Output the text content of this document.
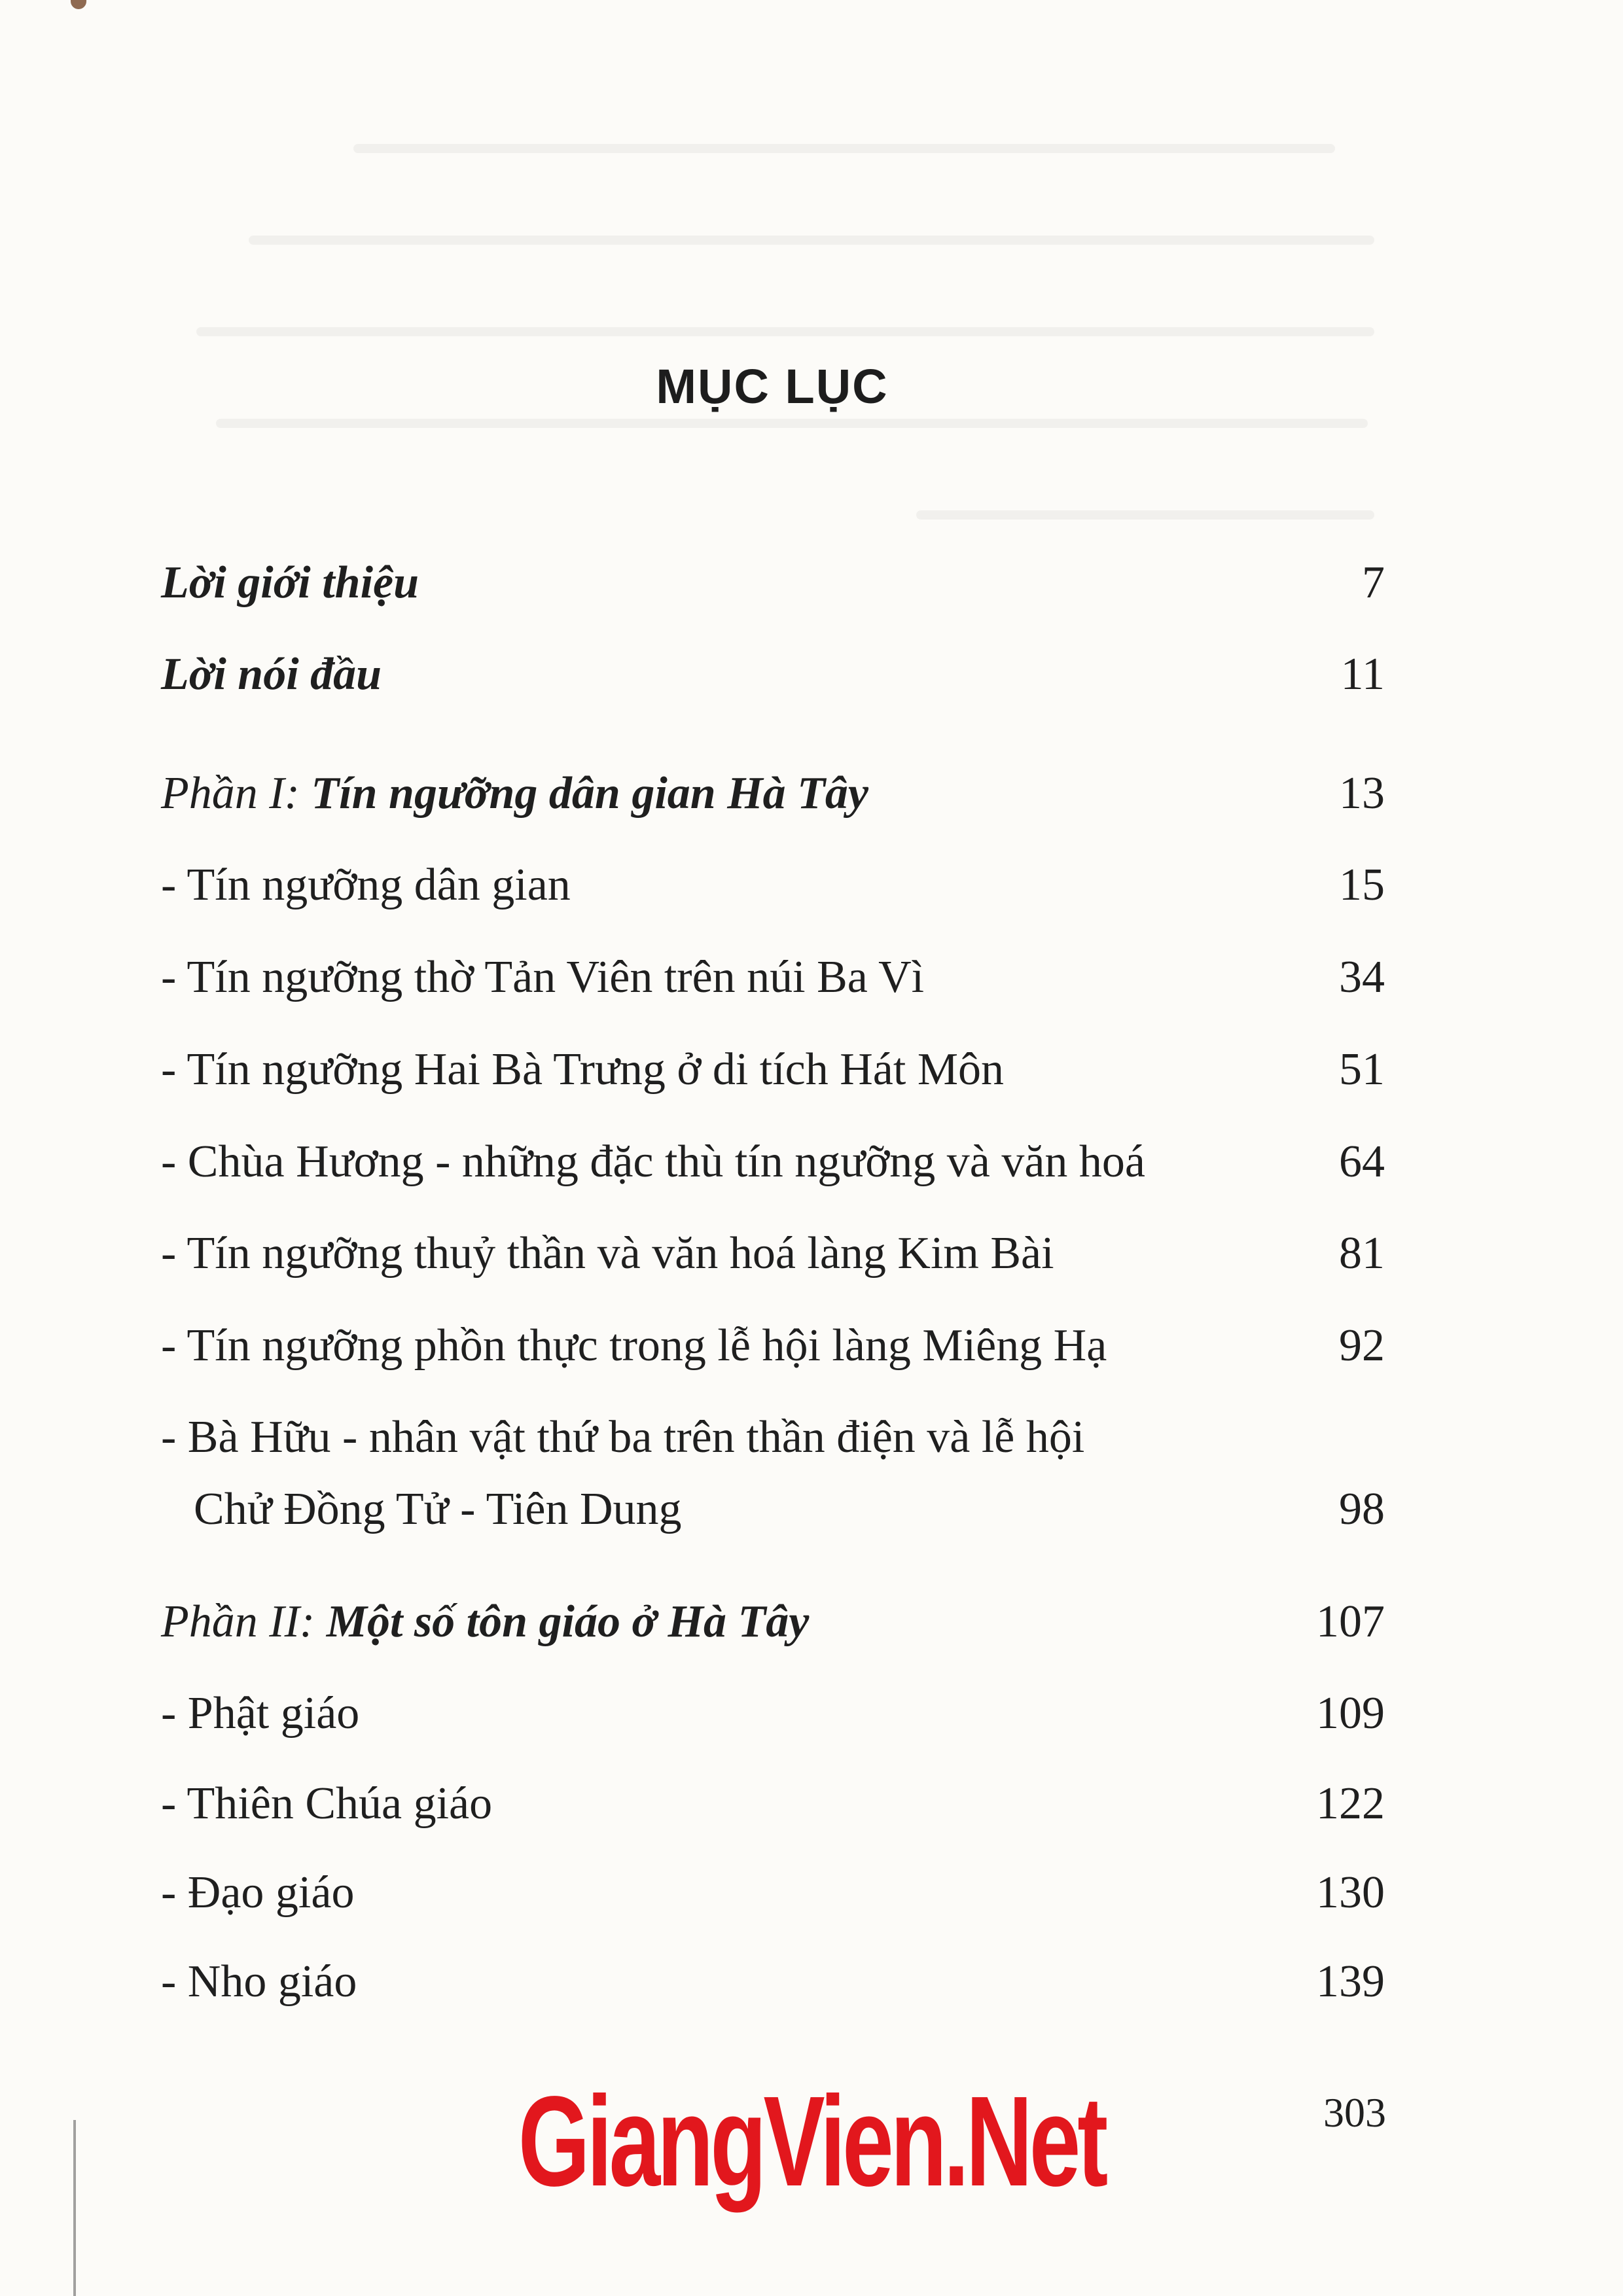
MỤC LỤC
Lời giới thiệu	7
Lời nói đầu	11
Phần I: Tín ngưỡng dân gian Hà Tây	13
- Tín ngưỡng dân gian	15
- Tín ngưỡng thờ Tản Viên trên núi Ba Vì	34
- Tín ngưỡng Hai Bà Trưng ở di tích Hát Môn	51
- Chùa Hương - những đặc thù tín ngưỡng và văn hoá	64
- Tín ngưỡng thuỷ thần và văn hoá làng Kim Bài	81
- Tín ngưỡng phồn thực trong lễ hội làng Miêng Hạ	92
- Bà Hữu - nhân vật thứ ba trên thần điện và lễ hội
Chử Đồng Tử - Tiên Dung	98
Phần II: Một số tôn giáo ở Hà Tây	107
- Phật giáo	109
- Thiên Chúa giáo	122
- Đạo giáo	130
- Nho giáo	139
GiangVien.Net	303
